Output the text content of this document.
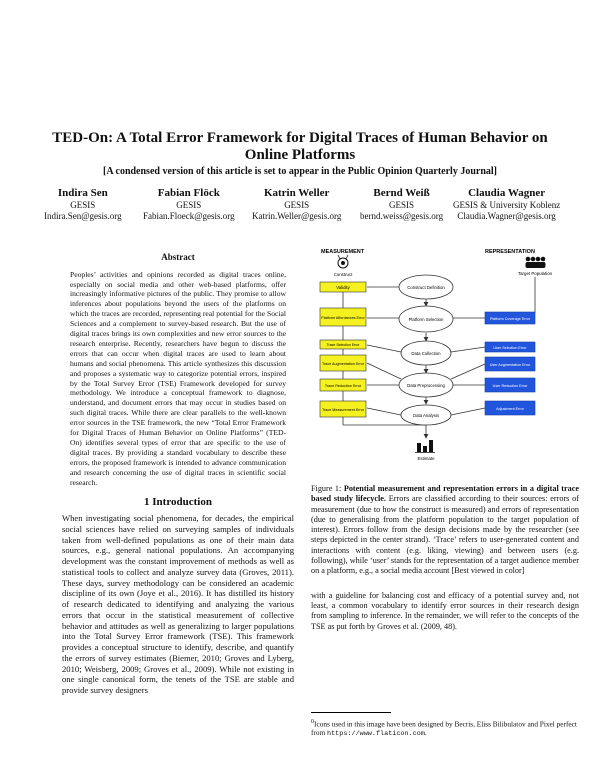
TED-On: A Total Error Framework for Digital Traces of Human Behavior on
Online Platforms
[A condensed version of this article is set to appear in the Public Opinion Quarterly Journal]
Indira Sen
GESIS
Indira.Sen@gesis.org
Fabian Flöck
GESIS
Fabian.Floeck@gesis.org
Katrin Weller
GESIS
Katrin.Weller@gesis.org
Bernd Weiß
GESIS
bernd.weiss@gesis.org
Claudia Wagner
GESIS & University Koblenz
Claudia.Wagner@gesis.org
Abstract
Peoples’ activities and opinions recorded as digital traces online, especially on social media and other web-based platforms, offer increasingly informative pictures of the public. They promise to allow inferences about populations beyond the users of the platforms on which the traces are recorded, representing real potential for the Social Sciences and a complement to survey-based research. But the use of digital traces brings its own complexities and new error sources to the research enterprise. Recently, researchers have begun to discuss the errors that can occur when digital traces are used to learn about humans and social phenomena. This article synthesizes this discussion and proposes a systematic way to categorize potential errors, inspired by the Total Survey Error (TSE) Framework developed for survey methodology. We introduce a conceptual framework to diagnose, understand, and document errors that may occur in studies based on such digital traces. While there are clear parallels to the well-known error sources in the TSE framework, the new “Total Error Framework for Digital Traces of Human Behavior on Online Platforms” (TED-On) identifies several types of error that are specific to the use of digital traces. By providing a standard vocabulary to describe these errors, the proposed framework is intended to advance communication and research concerning the use of digital traces in scientific social research.
1 Introduction
When investigating social phenomena, for decades, the empirical social sciences have relied on surveying samples of individuals taken from well-defined populations as one of their main data sources, e.g., general national populations. An accompanying development was the constant improvement of methods as well as statistical tools to collect and analyze survey data (Groves, 2011). These days, survey methodology can be considered an academic discipline of its own (Joye et al., 2016). It has distilled its history of research dedicated to identifying and analyzing the various errors that occur in the statistical measurement of collective behavior and attitudes as well as generalizing to larger populations into the Total Survey Error framework (TSE). This framework provides a conceptual structure to identify, describe, and quantify the errors of survey estimates (Biemer, 2010; Groves and Lyberg, 2010; Weisberg, 2009; Groves et al., 2009). While not existing in one single canonical form, the tenets of the TSE are stable and provide survey designers
MEASUREMENT	REPRESENTATION
Construct	Target Population
Validity
Platform Affordances Error
Trace Selection Error
Trace Augmentation Error
Trace Reduction Error
Trace Measurement Error
Construct Definition
Platform Selection
Data Collection
Data Preprocessing
Data Analysis
Platform Coverage Error
User Selection Error
User Augmentation Error
User Reduction Error
Adjustment Error
Estimate
Figure 1: Potential measurement and representation errors in a digital trace based study lifecycle. Errors are classified according to their sources: errors of measurement (due to how the construct is measured) and errors of representation (due to generalising from the platform population to the target population of interest). Errors follow from the design decisions made by the researcher (see steps depicted in the center strand). ‘Trace’ refers to user-generated content and interactions with content (e.g. liking, viewing) and between users (e.g. following), while ‘user’ stands for the representation of a target audience member on a platform, e.g., a social media account [Best viewed in color]
with a guideline for balancing cost and efficacy of a potential survey and, not least, a common vocabulary to identify error sources in their research design from sampling to inference. In the remainder, we will refer to the concepts of the TSE as put forth by Groves et al. (2009, 48).
$^0$Icons used in this image have been designed by Becris, Eliss Bilibulatov and Pixel perfect from https://www.flaticon.com.
